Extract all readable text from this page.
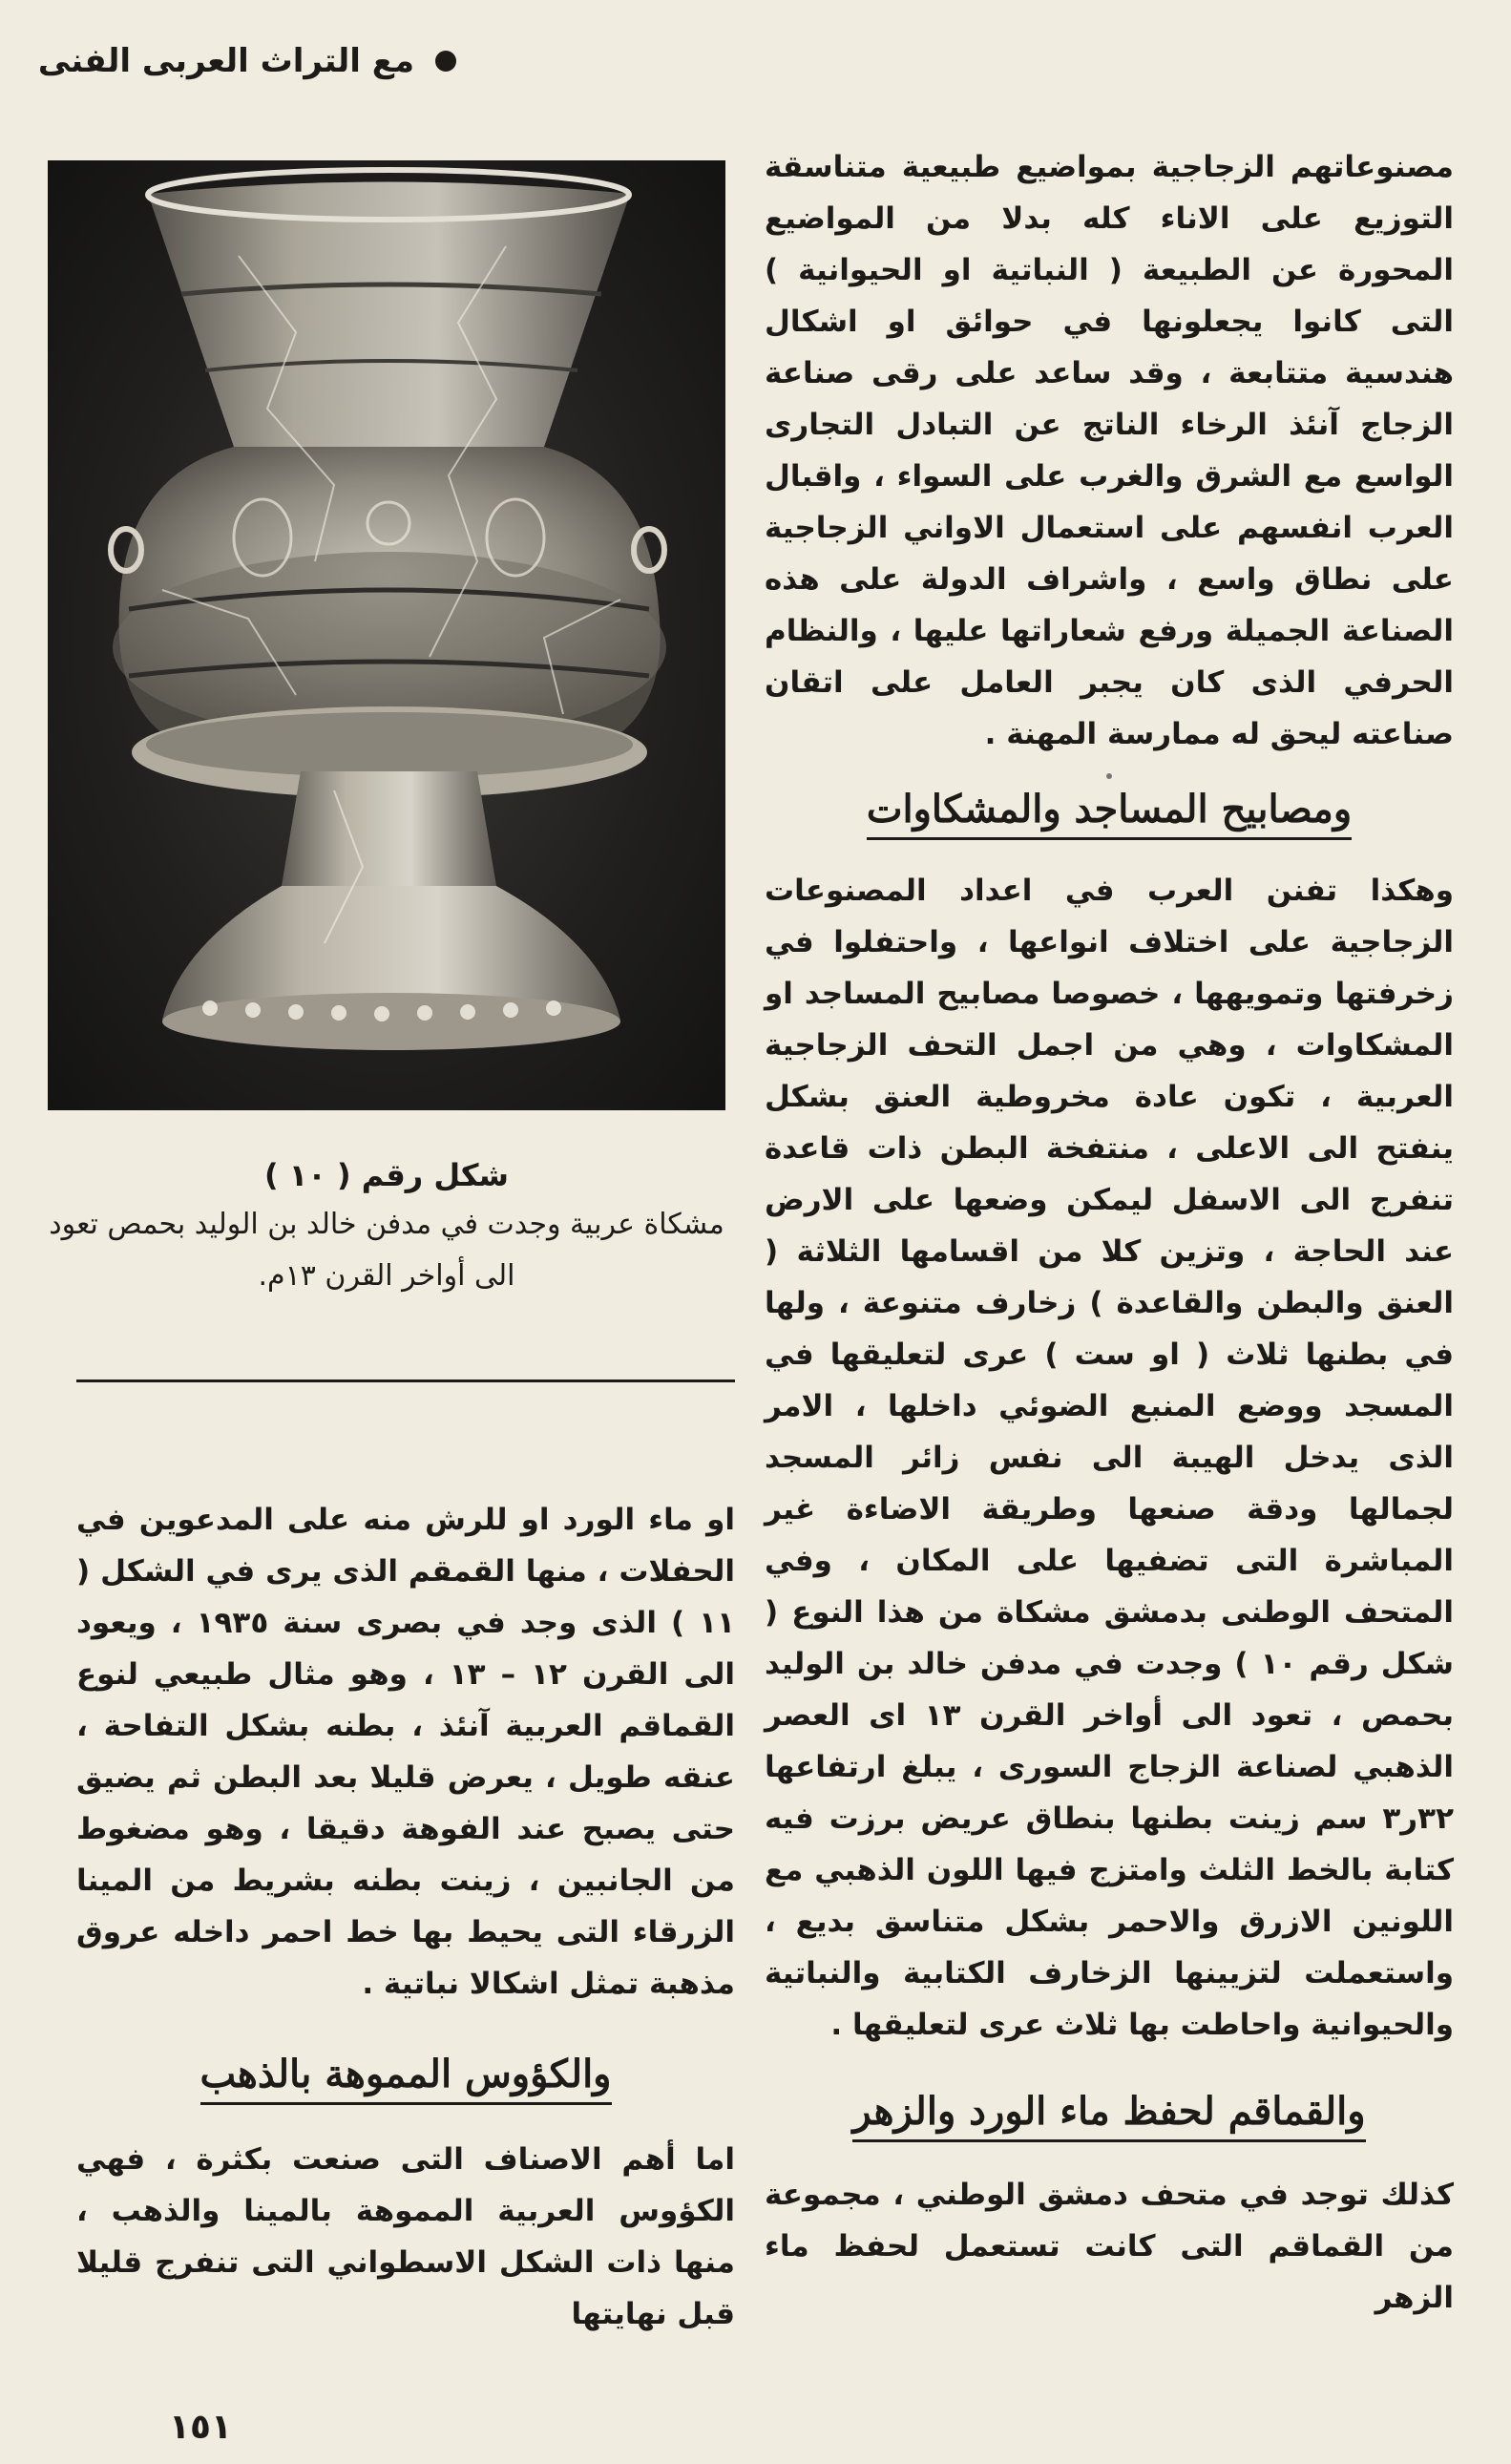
مع التراث العربى الفنى

مصنوعاتهم الزجاجية بمواضيع طبيعية متناسقة التوزيع على الاناء كله بدلا من المواضيع المحورة عن الطبيعة ( النباتية او الحيوانية ) التى كانوا يجعلونها في حوائق او اشكال هندسية متتابعة ، وقد ساعد على رقى صناعة الزجاج آنئذ الرخاء الناتج عن التبادل التجارى الواسع مع الشرق والغرب على السواء ، واقبال العرب انفسهم على استعمال الاواني الزجاجية على نطاق واسع ، واشراف الدولة على هذه الصناعة الجميلة ورفع شعاراتها عليها ، والنظام الحرفي الذى كان يجبر العامل على اتقان صناعته ليحق له ممارسة المهنة .

ومصابيح المساجد والمشكاوات

وهكذا تفنن العرب في اعداد المصنوعات الزجاجية على اختلاف انواعها ، واحتفلوا في زخرفتها وتمويهها ، خصوصا مصابيح المساجد او المشكاوات ، وهي من اجمل التحف الزجاجية العربية ، تكون عادة مخروطية العنق بشكل ينفتح الى الاعلى ، منتفخة البطن ذات قاعدة تنفرج الى الاسفل ليمكن وضعها على الارض عند الحاجة ، وتزين كلا من اقسامها الثلاثة ( العنق والبطن والقاعدة ) زخارف متنوعة ، ولها في بطنها ثلاث ( او ست ) عرى لتعليقها في المسجد ووضع المنبع الضوئي داخلها ، الامر الذى يدخل الهيبة الى نفس زائر المسجد لجمالها ودقة صنعها وطريقة الاضاءة غير المباشرة التى تضفيها على المكان ، وفي المتحف الوطنى بدمشق مشكاة من هذا النوع ( شكل رقم ١٠ ) وجدت في مدفن خالد بن الوليد بحمص ، تعود الى أواخر القرن ١٣ اى العصر الذهبي لصناعة الزجاج السورى ، يبلغ ارتفاعها ٣٢ر٣ سم زينت بطنها بنطاق عريض برزت فيه كتابة بالخط الثلث وامتزج فيها اللون الذهبي مع اللونين الازرق والاحمر بشكل متناسق بديع ، واستعملت لتزيينها الزخارف الكتابية والنباتية والحيوانية واحاطت بها ثلاث عرى لتعليقها .

والقماقم لحفظ ماء الورد والزهر

كذلك توجد في متحف دمشق الوطني ، مجموعة من القماقم التى كانت تستعمل لحفظ ماء الزهر

شكل رقم ( ١٠ )

مشكاة عربية وجدت في مدفن خالد بن الوليد بحمص تعود الى أواخر القرن ١٣م.

او ماء الورد او للرش منه على المدعوين في الحفلات ، منها القمقم الذى يرى في الشكل ( ١١ ) الذى وجد في بصرى سنة ١٩٣٥ ، ويعود الى القرن ١٢ – ١٣ ، وهو مثال طبيعي لنوع القماقم العربية آنئذ ، بطنه بشكل التفاحة ، عنقه طويل ، يعرض قليلا بعد البطن ثم يضيق حتى يصبح عند الفوهة دقيقا ، وهو مضغوط من الجانبين ، زينت بطنه بشريط من المينا الزرقاء التى يحيط بها خط احمر داخله عروق مذهبة تمثل اشكالا نباتية .

والكؤوس المموهة بالذهب

اما أهم الاصناف التى صنعت بكثرة ، فهي الكؤوس العربية المموهة بالمينا والذهب ، منها ذات الشكل الاسطواني التى تنفرج قليلا قبل نهايتها

١٥١
